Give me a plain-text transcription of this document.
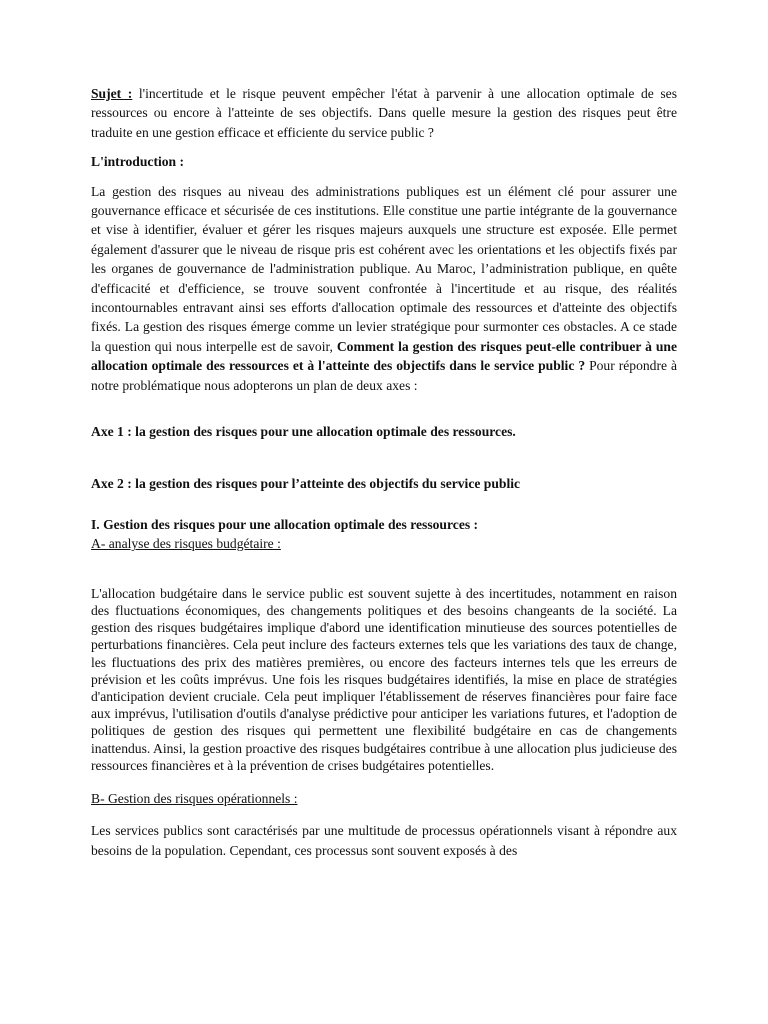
Sujet : l'incertitude et le risque peuvent empêcher l'état à parvenir à une allocation optimale de ses ressources ou encore à l'atteinte de ses objectifs. Dans quelle mesure la gestion des risques peut être traduite en une gestion efficace et efficiente du service public ?

L'introduction :

La gestion des risques au niveau des administrations publiques est un élément clé pour assurer une gouvernance efficace et sécurisée de ces institutions. Elle constitue une partie intégrante de la gouvernance et vise à identifier, évaluer et gérer les risques majeurs auxquels une structure est exposée. Elle permet également d'assurer que le niveau de risque pris est cohérent avec les orientations et les objectifs fixés par les organes de gouvernance de l'administration publique. Au Maroc, l’administration publique, en quête d'efficacité et d'efficience, se trouve souvent confrontée à l'incertitude et au risque, des réalités incontournables entravant ainsi ses efforts d'allocation optimale des ressources et d'atteinte des objectifs fixés. La gestion des risques émerge comme un levier stratégique pour surmonter ces obstacles. A ce stade la question qui nous interpelle est de savoir, Comment la gestion des risques peut-elle contribuer à une allocation optimale des ressources et à l'atteinte des objectifs dans le service public ? Pour répondre à notre problématique nous adopterons un plan de deux axes :

Axe 1 : la gestion des risques pour une allocation optimale des ressources.

Axe 2 : la gestion des risques pour l’atteinte des objectifs du service public

I. Gestion des risques pour une allocation optimale des ressources :

A- analyse des risques budgétaire :

L'allocation budgétaire dans le service public est souvent sujette à des incertitudes, notamment en raison des fluctuations économiques, des changements politiques et des besoins changeants de la société. La gestion des risques budgétaires implique d'abord une identification minutieuse des sources potentielles de perturbations financières. Cela peut inclure des facteurs externes tels que les variations des taux de change, les fluctuations des prix des matières premières, ou encore des facteurs internes tels que les erreurs de prévision et les coûts imprévus. Une fois les risques budgétaires identifiés, la mise en place de stratégies d'anticipation devient cruciale. Cela peut impliquer l'établissement de réserves financières pour faire face aux imprévus, l'utilisation d'outils d'analyse prédictive pour anticiper les variations futures, et l'adoption de politiques de gestion des risques qui permettent une flexibilité budgétaire en cas de changements inattendus. Ainsi, la gestion proactive des risques budgétaires contribue à une allocation plus judicieuse des ressources financières et à la prévention de crises budgétaires potentielles.

B- Gestion des risques opérationnels :

Les services publics sont caractérisés par une multitude de processus opérationnels visant à répondre aux besoins de la population. Cependant, ces processus sont souvent exposés à des
